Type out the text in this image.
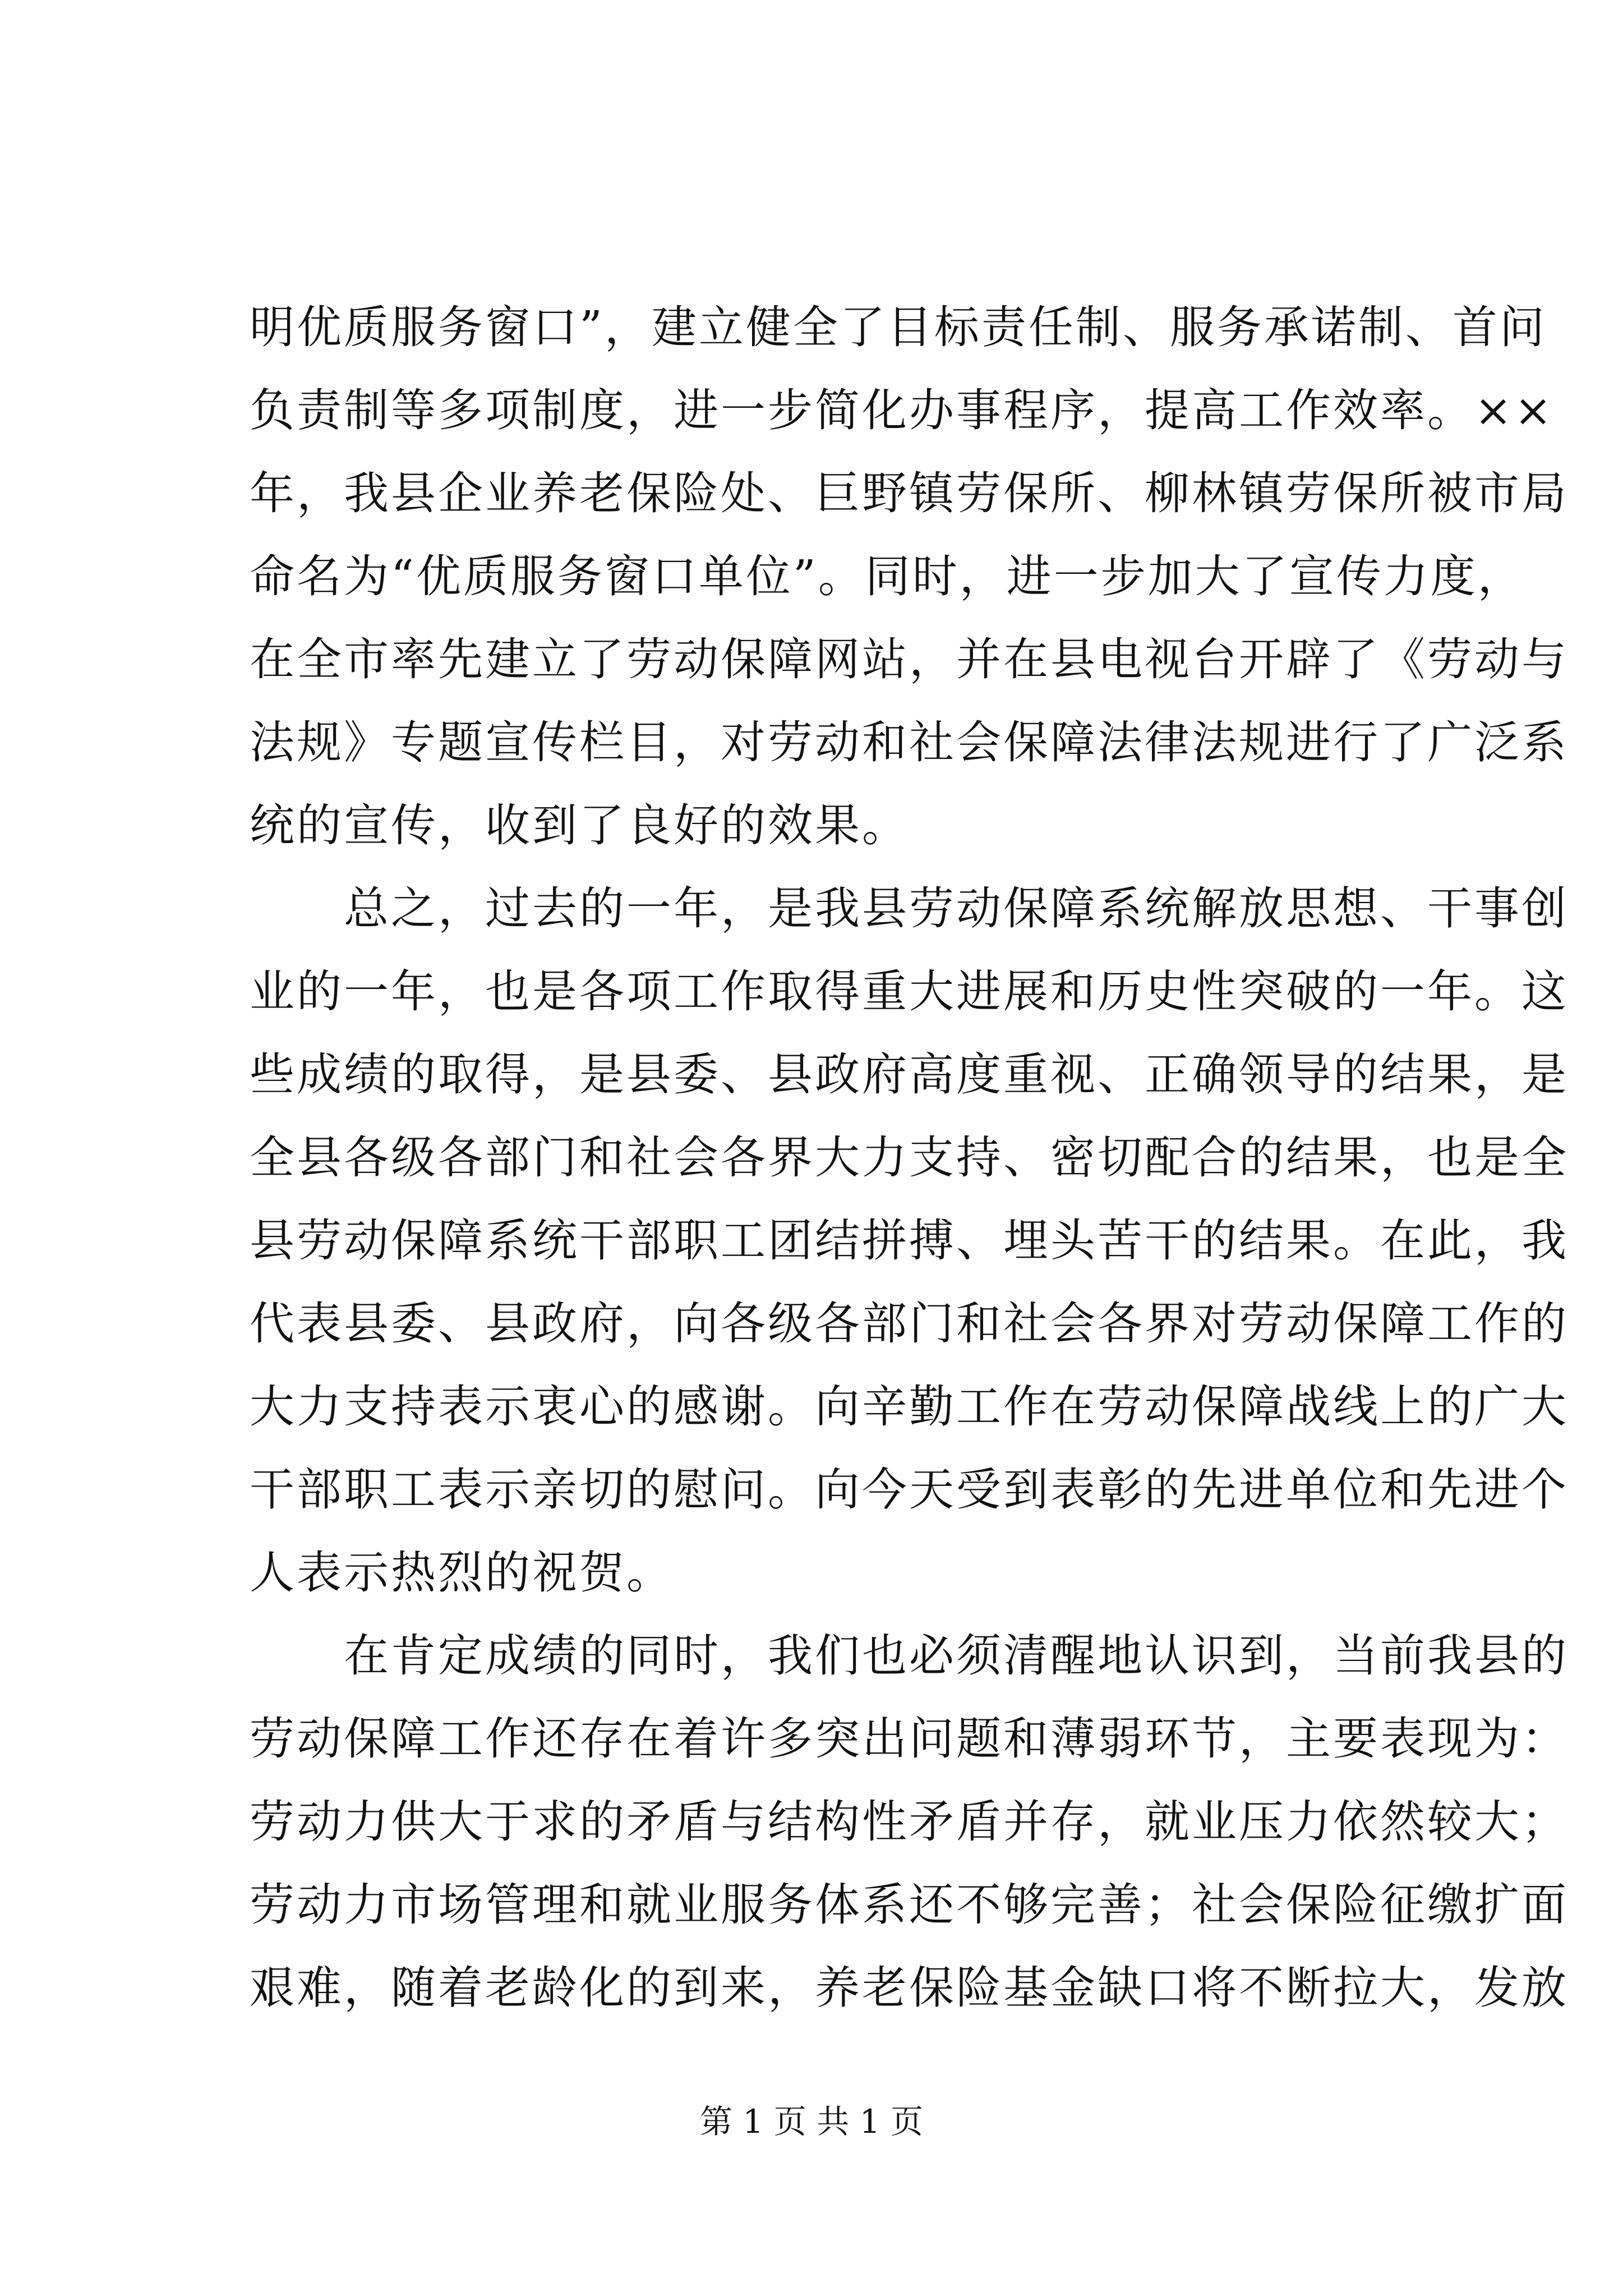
明优质服务窗口”，建立健全了目标责任制、服务承诺制、首问
负责制等多项制度，进一步简化办事程序，提高工作效率。××
年，我县企业养老保险处、巨野镇劳保所、柳林镇劳保所被市局
命名为“优质服务窗口单位”。同时，进一步加大了宣传力度，
在全市率先建立了劳动保障网站，并在县电视台开辟了《劳动与
法规》专题宣传栏目，对劳动和社会保障法律法规进行了广泛系
统的宣传，收到了良好的效果。
　　总之，过去的一年，是我县劳动保障系统解放思想、干事创
业的一年，也是各项工作取得重大进展和历史性突破的一年。这
些成绩的取得，是县委、县政府高度重视、正确领导的结果，是
全县各级各部门和社会各界大力支持、密切配合的结果，也是全
县劳动保障系统干部职工团结拼搏、埋头苦干的结果。在此，我
代表县委、县政府，向各级各部门和社会各界对劳动保障工作的
大力支持表示衷心的感谢。向辛勤工作在劳动保障战线上的广大
干部职工表示亲切的慰问。向今天受到表彰的先进单位和先进个
人表示热烈的祝贺。
　　在肯定成绩的同时，我们也必须清醒地认识到，当前我县的
劳动保障工作还存在着许多突出问题和薄弱环节，主要表现为：
劳动力供大于求的矛盾与结构性矛盾并存，就业压力依然较大；
劳动力市场管理和就业服务体系还不够完善；社会保险征缴扩面
艰难，随着老龄化的到来，养老保险基金缺口将不断拉大，发放
第 1 页 共 1 页
